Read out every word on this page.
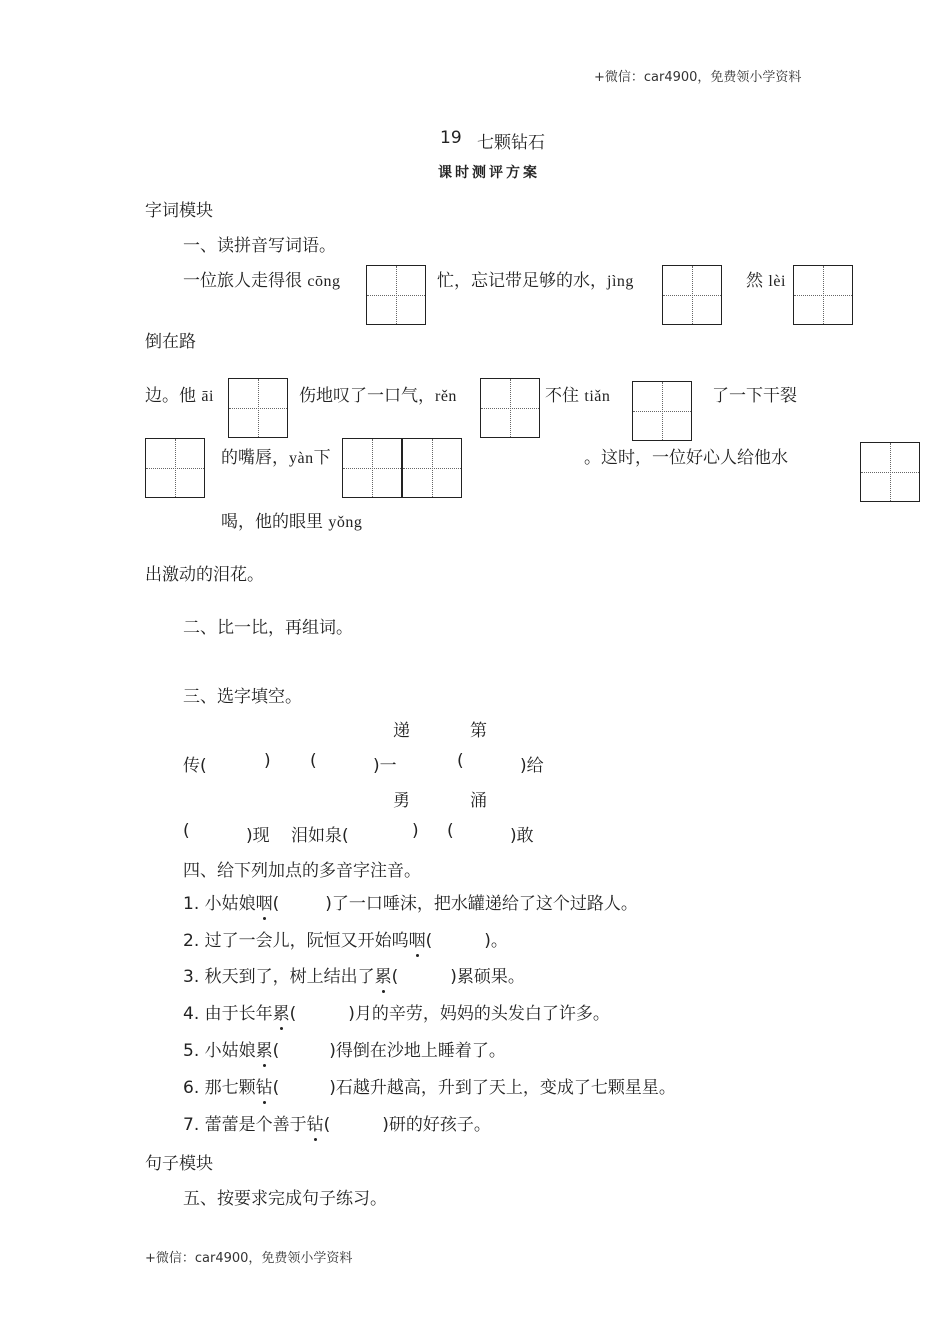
+微信：car4900，免费领小学资料
19 七颗钻石
课时测评方案
字词模块
一、读拼音写词语。
一位旅人走得很 cōng	忙，忘记带足够的水，jìng	然 lèi
倒在路
边。他 āi	伤地叹了一口气，rěn	不住 tiǎn	了一下干裂
的嘴唇，yàn下	。这时，一位好心人给他水
喝，他的眼里 yǒng
出激动的泪花。
二、比一比，再组词。
三、选字填空。
递	第
传(	) (	)一	(	)给
勇	涌
(	)现 泪如泉(	) (	)敢
四、给下列加点的多音字注音。
1. 小姑娘咽(	)了一口唾沫，把水罐递给了这个过路人。
2. 过了一会儿，阮恒又开始呜咽(	)。
3. 秋天到了，树上结出了累(	)累硕果。
4. 由于长年累(	)月的辛劳，妈妈的头发白了许多。
5. 小姑娘累(	)得倒在沙地上睡着了。
6. 那七颗钻(	)石越升越高，升到了天上，变成了七颗星星。
7. 蕾蕾是个善于钻(	)研的好孩子。
句子模块
五、按要求完成句子练习。
+微信：car4900，免费领小学资料
